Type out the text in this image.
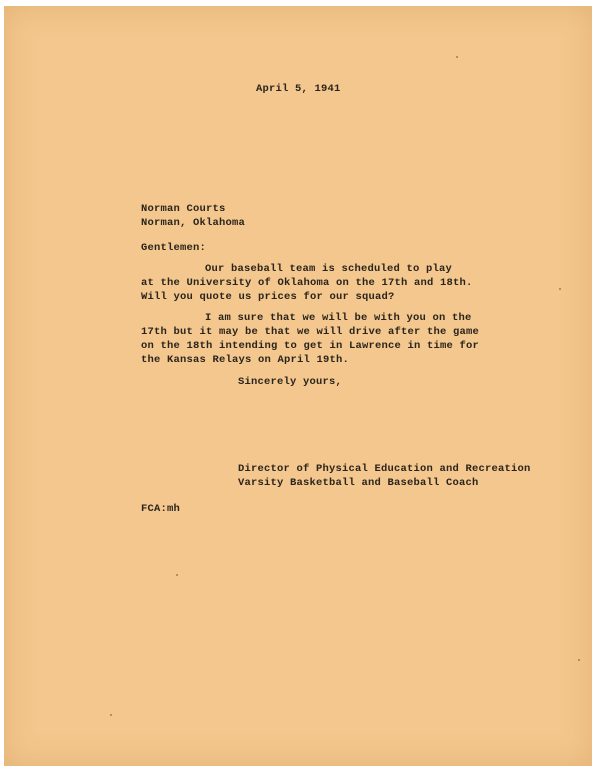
April 5, 1941

Norman Courts

Norman, Oklahoma

Gentlemen:

Our baseball team is scheduled to play

at the University of Oklahoma on the 17th and 18th.

Will you quote us prices for our squad?

I am sure that we will be with you on the

17th but it may be that we will drive after the game

on the 18th intending to get in Lawrence in time for

the Kansas Relays on April 19th.

Sincerely yours,

Director of Physical Education and Recreation

Varsity Basketball and Baseball Coach

FCA:mh
